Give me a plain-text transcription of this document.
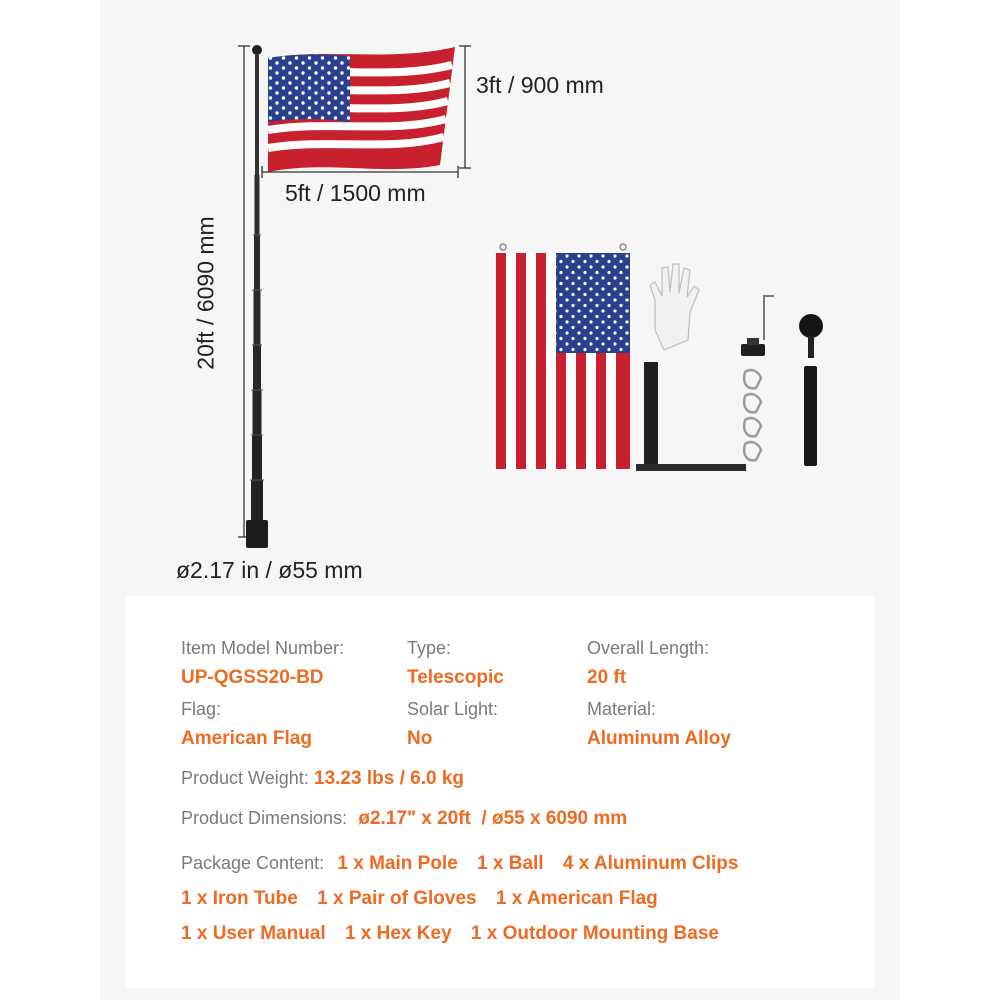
3ft / 900 mm
5ft / 1500 mm
20ft / 6090 mm
ø2.17 in / ø55 mm
Item Model Number:
UP-QGSS20-BD
Type:
Telescopic
Overall Length:
20 ft
Flag:
American Flag
Solar Light:
No
Material:
Aluminum Alloy
Product Weight: 13.23 lbs / 6.0 kg
Product Dimensions: ø2.17" x 20ft  / ø55 x 6090 mm
Package Content: 1 x Main Pole 1 x Ball 4 x Aluminum Clips
1 x Iron Tube 1 x Pair of Gloves 1 x American Flag
1 x User Manual 1 x Hex Key 1 x Outdoor Mounting Base
